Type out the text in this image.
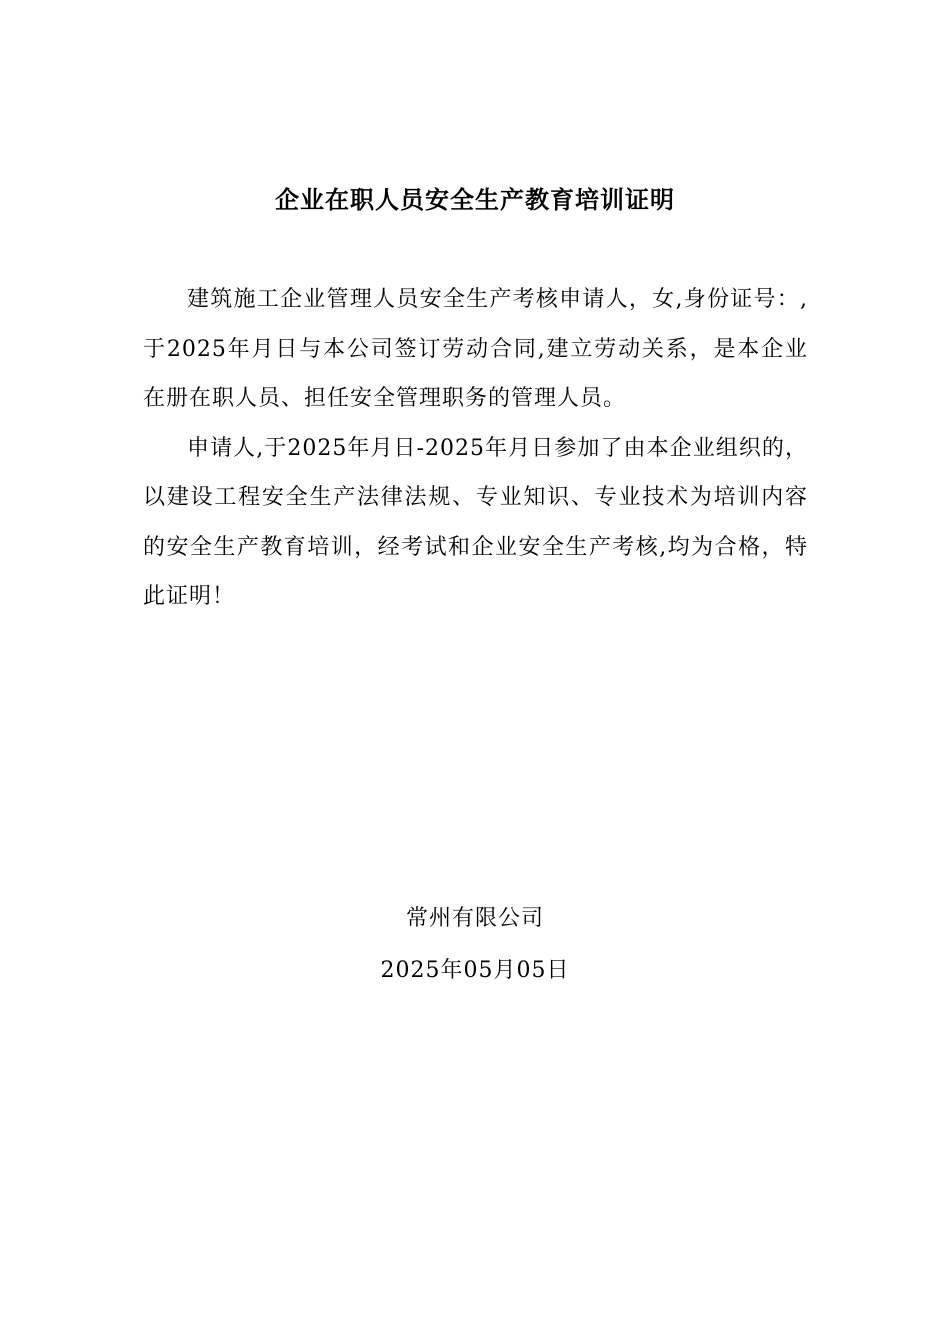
企业在职人员安全生产教育培训证明

建筑施工企业管理人员安全生产考核申请人，女,身份证号：,于2025年月日与本公司签订劳动合同,建立劳动关系，是本企业在册在职人员、担任安全管理职务的管理人员。

申请人,于2025年月日-2025年月日参加了由本企业组织的，以建设工程安全生产法律法规、专业知识、专业技术为培训内容的安全生产教育培训，经考试和企业安全生产考核,均为合格，特此证明！

常州有限公司
2025年05月05日
